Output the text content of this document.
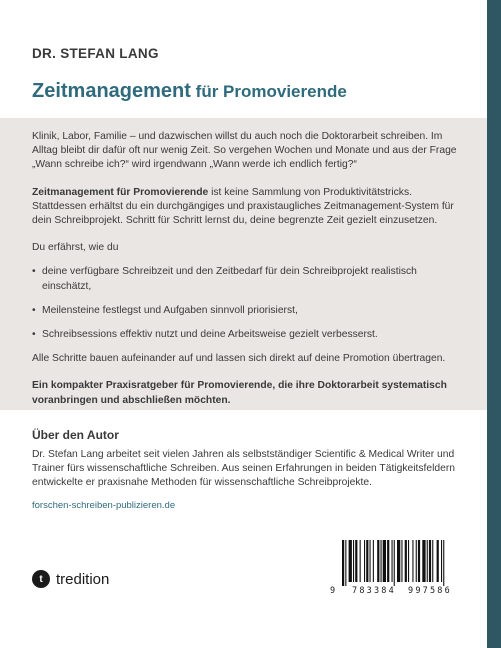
DR. STEFAN LANG
Zeitmanagement für Promovierende

Klinik, Labor, Familie – und dazwischen willst du auch noch die Doktorarbeit schreiben. Im Alltag bleibt dir dafür oft nur wenig Zeit. So vergehen Wochen und Monate und aus der Frage „Wann schreibe ich?“ wird irgendwann „Wann werde ich endlich fertig?“

Zeitmanagement für Promovierende ist keine Sammlung von Produktivitätstricks. Stattdessen erhältst du ein durchgängiges und praxistaugliches Zeitmanagement-System für dein Schreibprojekt. Schritt für Schritt lernst du, deine begrenzte Zeit gezielt einzusetzen.

Du erfährst, wie du

• deine verfügbare Schreibzeit und den Zeitbedarf für dein Schreibprojekt realistisch einschätzt,
• Meilensteine festlegst und Aufgaben sinnvoll priorisierst,
• Schreibsessions effektiv nutzt und deine Arbeitsweise gezielt verbesserst.

Alle Schritte bauen aufeinander auf und lassen sich direkt auf deine Promotion übertragen.

Ein kompakter Praxisratgeber für Promovierende, die ihre Doktorarbeit systematisch voranbringen und abschließen möchten.

Über den Autor
Dr. Stefan Lang arbeitet seit vielen Jahren als selbstständiger Scientific & Medical Writer und Trainer fürs wissenschaftliche Schreiben. Aus seinen Erfahrungen in beiden Tätigkeitsfeldern entwickelte er praxisnahe Methoden für wissenschaftliche Schreibprojekte.
forschen-schreiben-publizieren.de
t tredition
9 783384 997586
